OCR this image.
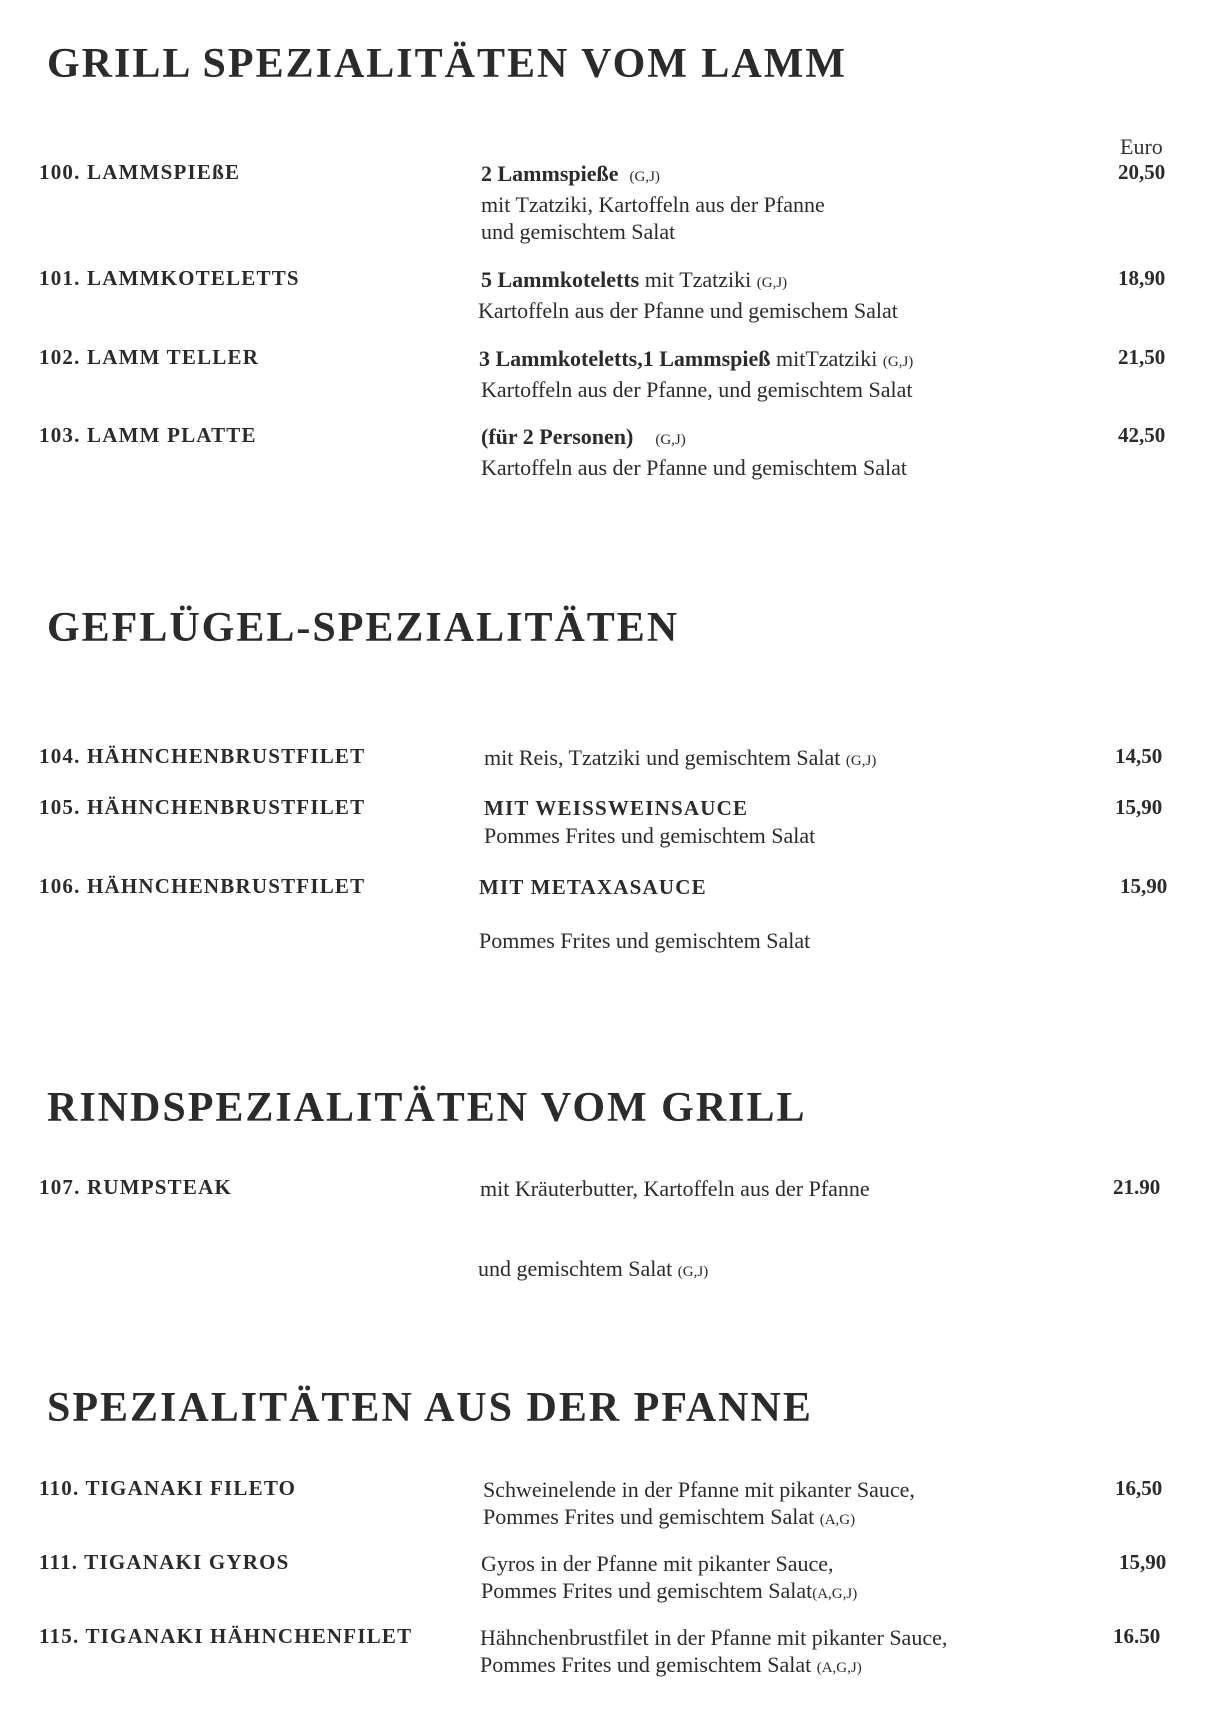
GRILL SPEZIALITÄTEN VOM LAMM
Euro
100. LAMMSPIEßE	2 Lammspieße (G,J)
mit Tzatziki, Kartoffeln aus der Pfanne
und gemischtem Salat
20,50
101. LAMMKOTELETTS	5 Lammkoteletts mit Tzatziki (G,J)
Kartoffeln aus der Pfanne und gemischem Salat
18,90
102. LAMM TELLER	3 Lammkoteletts,1 Lammspieß mitTzatziki (G,J)
Kartoffeln aus der Pfanne, und gemischtem Salat
21,50
103. LAMM PLATTE	(für 2 Personen) (G,J)
Kartoffeln aus der Pfanne und gemischtem Salat
42,50
GEFLÜGEL-SPEZIALITÄTEN
104. HÄHNCHENBRUSTFILET	mit Reis, Tzatziki und gemischtem Salat (G,J)	14,50
105. HÄHNCHENBRUSTFILET	MIT WEISSWEINSAUCE
Pommes Frites und gemischtem Salat
15,90
106. HÄHNCHENBRUSTFILET	MIT METAXASAUCE
Pommes Frites und gemischtem Salat
15,90
RINDSPEZIALITÄTEN VOM GRILL
107. RUMPSTEAK	mit Kräuterbutter, Kartoffeln aus der Pfanne
und gemischtem Salat (G,J)
21.90
SPEZIALITÄTEN AUS DER PFANNE
110. TIGANAKI FILETO	Schweinelende in der Pfanne mit pikanter Sauce,
Pommes Frites und gemischtem Salat (A,G)
16,50
111. TIGANAKI GYROS	Gyros in der Pfanne mit pikanter Sauce,
Pommes Frites und gemischtem Salat(A,G,J)
15,90
115. TIGANAKI HÄHNCHENFILET	Hähnchenbrustfilet in der Pfanne mit pikanter Sauce,
Pommes Frites und gemischtem Salat (A,G,J)
16.50
